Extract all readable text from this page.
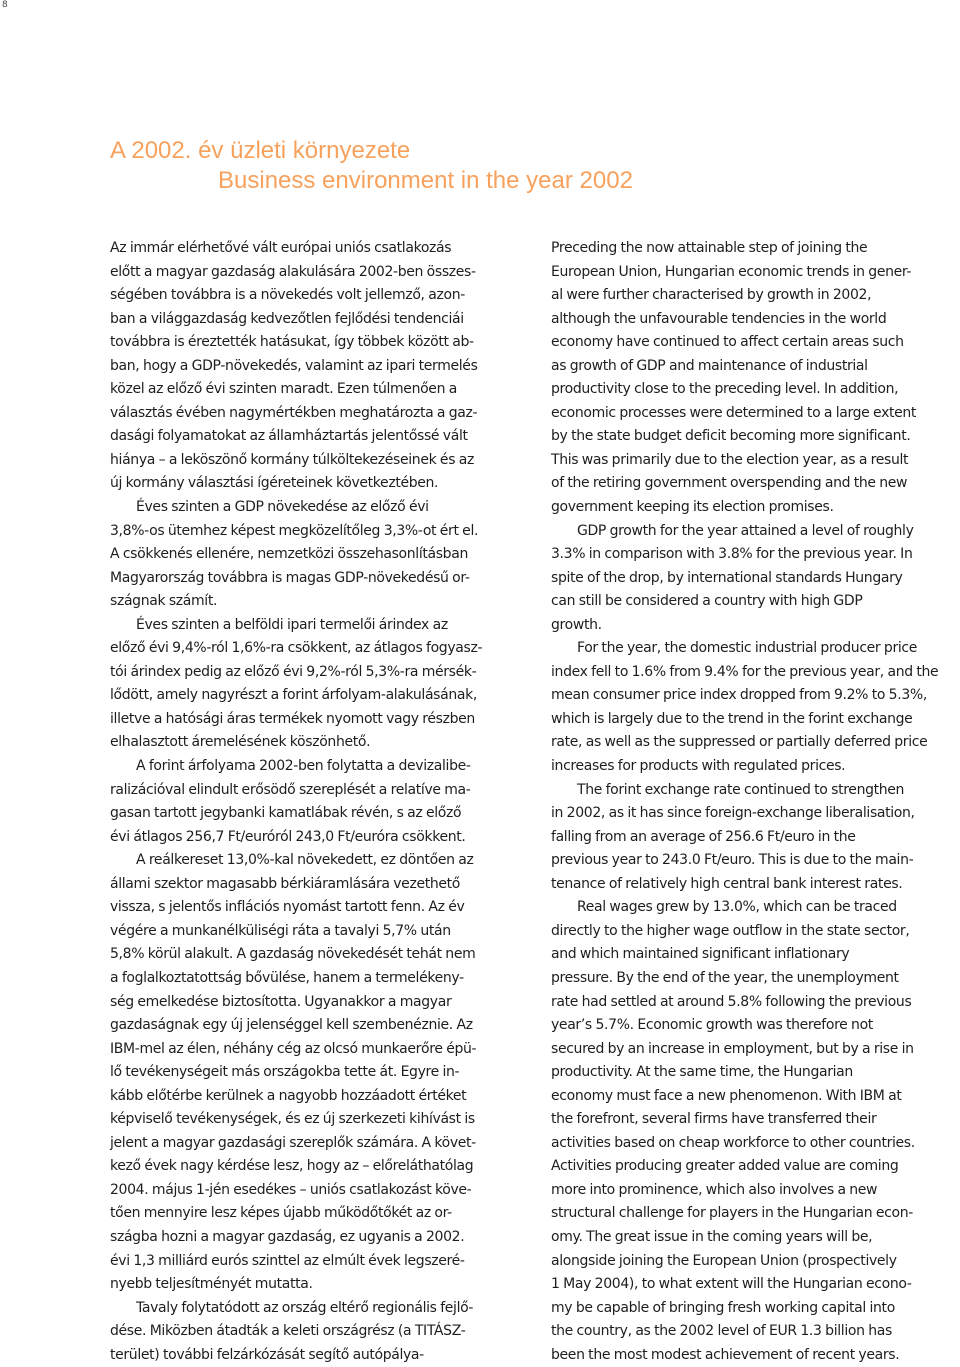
8
A 2002. év üzleti környezete
Business environment in the year 2002

Az immár elérhetővé vált európai uniós csatlakozás
előtt a magyar gazdaság alakulására 2002-ben összes-
ségében továbbra is a növekedés volt jellemző, azon-
ban a világgazdaság kedvezőtlen fejlődési tendenciái
továbbra is éreztették hatásukat, így többek között ab-
ban, hogy a GDP-növekedés, valamint az ipari termelés
közel az előző évi szinten maradt. Ezen túlmenően a
választás évében nagymértékben meghatározta a gaz-
dasági folyamatokat az államháztartás jelentőssé vált
hiánya – a leköszönő kormány túlköltekezéseinek és az
új kormány választási ígéreteinek következtében.

Éves szinten a GDP növekedése az előző évi
3,8%-os ütemhez képest megközelítőleg 3,3%-ot ért el.
A csökkenés ellenére, nemzetközi összehasonlításban
Magyarország továbbra is magas GDP-növekedésű or-
szágnak számít.

Éves szinten a belföldi ipari termelői árindex az
előző évi 9,4%-ról 1,6%-ra csökkent, az átlagos fogyasz-
tói árindex pedig az előző évi 9,2%-ról 5,3%-ra mérsék-
lődött, amely nagyrészt a forint árfolyam-alakulásának,
illetve a hatósági áras termékek nyomott vagy részben
elhalasztott áremelésének köszönhető.

A forint árfolyama 2002-ben folytatta a devizalibe-
ralizációval elindult erősödő szereplését a relatíve ma-
gasan tartott jegybanki kamatlábak révén, s az előző
évi átlagos 256,7 Ft/euróról 243,0 Ft/euróra csökkent.

A reálkereset 13,0%-kal növekedett, ez döntően az
állami szektor magasabb bérkiáramlására vezethető
vissza, s jelentős inflációs nyomást tartott fenn. Az év
végére a munkanélküliségi ráta a tavalyi 5,7% után
5,8% körül alakult. A gazdaság növekedését tehát nem
a foglalkoztatottság bővülése, hanem a termelékeny-
ség emelkedése biztosította. Ugyanakkor a magyar
gazdaságnak egy új jelenséggel kell szembenéznie. Az
IBM-mel az élen, néhány cég az olcsó munkaerőre épü-
lő tevékenységeit más országokba tette át. Egyre in-
kább előtérbe kerülnek a nagyobb hozzáadott értéket
képviselő tevékenységek, és ez új szerkezeti kihívást is
jelent a magyar gazdasági szereplők számára. A követ-
kező évek nagy kérdése lesz, hogy az – előreláthatólag
2004. május 1-jén esedékes – uniós csatlakozást köve-
tően mennyire lesz képes újabb működőtőkét az or-
szágba hozni a magyar gazdaság, ez ugyanis a 2002.
évi 1,3 milliárd eurós szinttel az elmúlt évek legszeré-
nyebb teljesítményét mutatta.

Tavaly folytatódott az ország eltérő regionális fejlő-
dése. Miközben átadták a keleti országrész (a TITÁSZ-
terület) további felzárkózását segítő autópálya-

Preceding the now attainable step of joining the
European Union, Hungarian economic trends in gener-
al were further characterised by growth in 2002,
although the unfavourable tendencies in the world
economy have continued to affect certain areas such
as growth of GDP and maintenance of industrial
productivity close to the preceding level. In addition,
economic processes were determined to a large extent
by the state budget deficit becoming more significant.
This was primarily due to the election year, as a result
of the retiring government overspending and the new
government keeping its election promises.

GDP growth for the year attained a level of roughly
3.3% in comparison with 3.8% for the previous year. In
spite of the drop, by international standards Hungary
can still be considered a country with high GDP
growth.

For the year, the domestic industrial producer price
index fell to 1.6% from 9.4% for the previous year, and the
mean consumer price index dropped from 9.2% to 5.3%,
which is largely due to the trend in the forint exchange
rate, as well as the suppressed or partially deferred price
increases for products with regulated prices.

The forint exchange rate continued to strengthen
in 2002, as it has since foreign-exchange liberalisation,
falling from an average of 256.6 Ft/euro in the
previous year to 243.0 Ft/euro. This is due to the main-
tenance of relatively high central bank interest rates.

Real wages grew by 13.0%, which can be traced
directly to the higher wage outflow in the state sector,
and which maintained significant inflationary
pressure. By the end of the year, the unemployment
rate had settled at around 5.8% following the previous
year’s 5.7%. Economic growth was therefore not
secured by an increase in employment, but by a rise in
productivity. At the same time, the Hungarian
economy must face a new phenomenon. With IBM at
the forefront, several firms have transferred their
activities based on cheap workforce to other countries.
Activities producing greater added value are coming
more into prominence, which also involves a new
structural challenge for players in the Hungarian econ-
omy. The great issue in the coming years will be,
alongside joining the European Union (prospectively
1 May 2004), to what extent will the Hungarian econo-
my be capable of bringing fresh working capital into
the country, as the 2002 level of EUR 1.3 billion has
been the most modest achievement of recent years.
